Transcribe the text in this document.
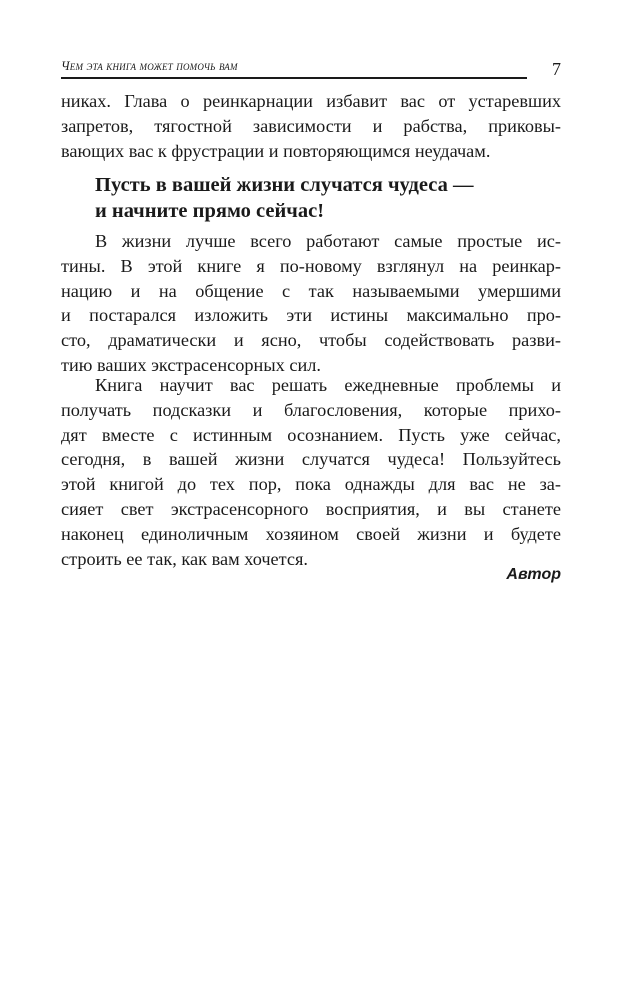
Чем эта книга может помочь вам	7
никах. Глава о реинкарнации избавит вас от устаревших
запретов, тягостной зависимости и рабства, приковы-
вающих вас к фрустрации и повторяющимся неудачам.
Пусть в вашей жизни случатся чудеса —
и начните прямо сейчас!
В жизни лучше всего работают самые простые ис-
тины. В этой книге я по-новому взглянул на реинкар-
нацию и на общение с так называемыми умершими
и постарался изложить эти истины максимально про-
сто, драматически и ясно, чтобы содействовать разви-
тию ваших экстрасенсорных сил.
Книга научит вас решать ежедневные проблемы и
получать подсказки и благословения, которые прихо-
дят вместе с истинным осознанием. Пусть уже сейчас,
сегодня, в вашей жизни случатся чудеса! Пользуйтесь
этой книгой до тех пор, пока однажды для вас не за-
сияет свет экстрасенсорного восприятия, и вы станете
наконец единоличным хозяином своей жизни и будете
строить ее так, как вам хочется.
Автор
